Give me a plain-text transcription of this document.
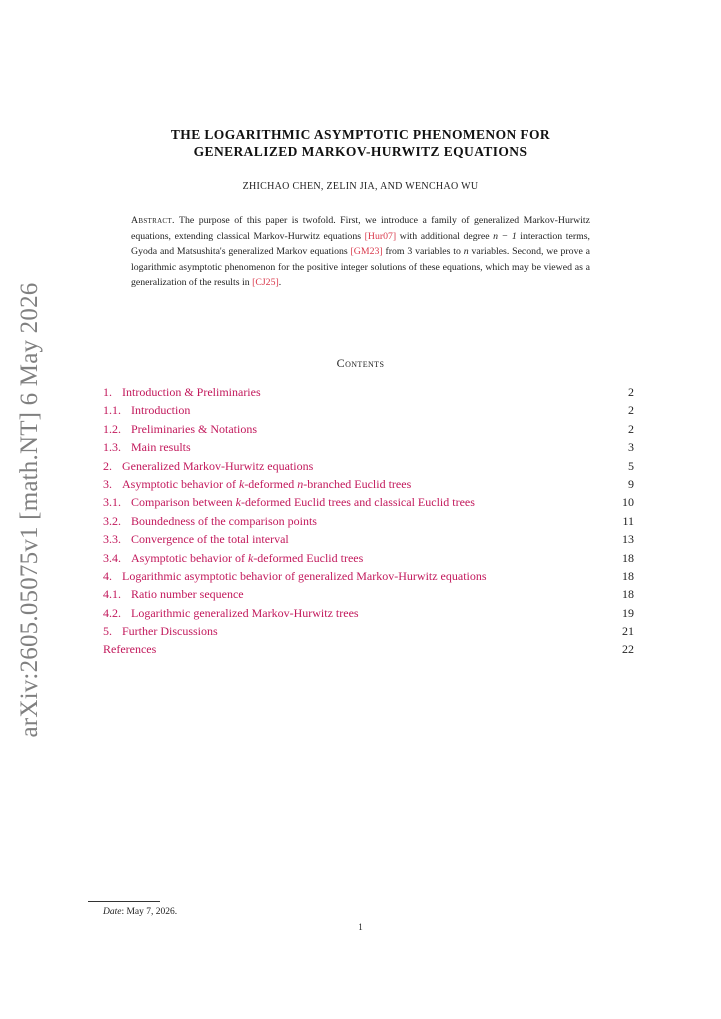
arXiv:2605.05075v1 [math.NT] 6 May 2026
THE LOGARITHMIC ASYMPTOTIC PHENOMENON FOR
GENERALIZED MARKOV-HURWITZ EQUATIONS
ZHICHAO CHEN, ZELIN JIA, AND WENCHAO WU
Abstract. The purpose of this paper is twofold. First, we introduce a family of generalized Markov-Hurwitz equations, extending classical Markov-Hurwitz equations [Hur07] with additional degree n − 1 interaction terms, Gyoda and Matsushita's generalized Markov equations [GM23] from 3 variables to n variables. Second, we prove a logarithmic asymptotic phenomenon for the positive integer solutions of these equations, which may be viewed as a generalization of the results in [CJ25].
Contents
1. Introduction & Preliminaries	2
1.1. Introduction	2
1.2. Preliminaries & Notations	2
1.3. Main results	3
2. Generalized Markov-Hurwitz equations	5
3. Asymptotic behavior of k-deformed n-branched Euclid trees	9
3.1. Comparison between k-deformed Euclid trees and classical Euclid trees	10
3.2. Boundedness of the comparison points	11
3.3. Convergence of the total interval	13
3.4. Asymptotic behavior of k-deformed Euclid trees	18
4. Logarithmic asymptotic behavior of generalized Markov-Hurwitz equations	18
4.1. Ratio number sequence	18
4.2. Logarithmic generalized Markov-Hurwitz trees	19
5. Further Discussions	21
References	22
Date: May 7, 2026.
1
